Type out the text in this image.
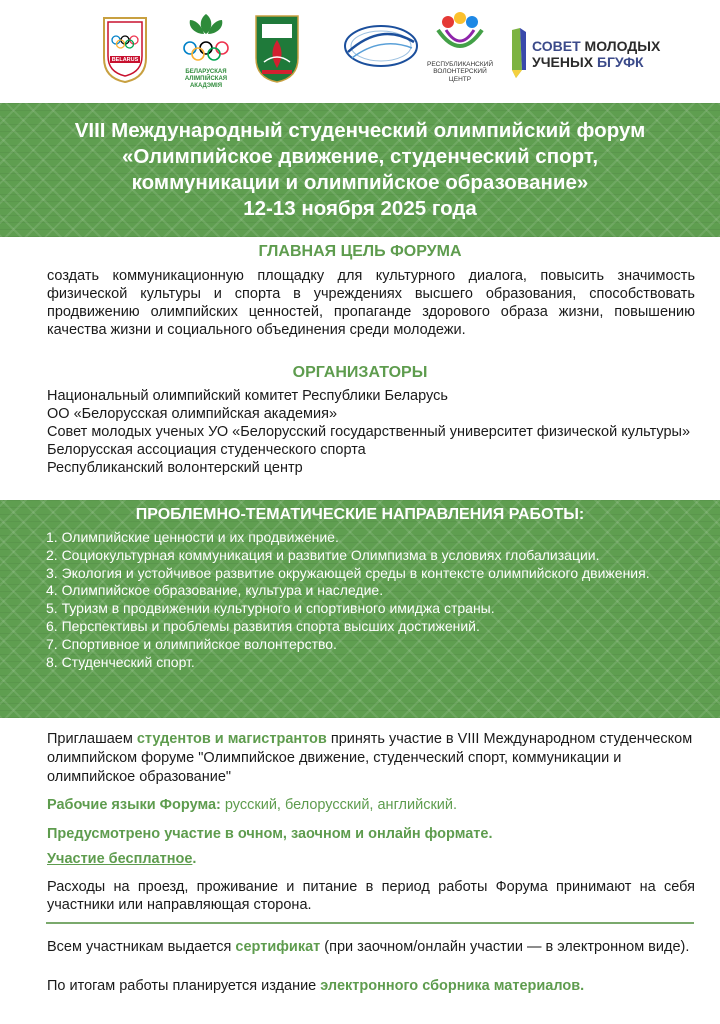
BELARUS
БЕЛАРУСКАЯ АЛІМПІЙСКАЯ АКАДЭМІЯ
РЕСПУБЛИКАНСКИЙ ВОЛОНТЕРСКИЙ ЦЕНТР
СОВЕТ МОЛОДЫХ
УЧЕНЫХ БГУФК
VIII Международный студенческий олимпийский форум
«Олимпийское движение, студенческий спорт,
коммуникации и олимпийское образование»
12-13 ноября 2025 года
ГЛАВНАЯ ЦЕЛЬ ФОРУМА
создать коммуникационную площадку для культурного диалога, повысить значимость физической культуры и спорта в учреждениях высшего образования, способствовать продвижению олимпийских ценностей, пропаганде здорового образа жизни, повышению качества жизни и социального объединения среди молодежи.
ОРГАНИЗАТОРЫ
Национальный олимпийский комитет Республики Беларусь
ОО «Белорусская олимпийская академия»
Совет молодых ученых УО «Белорусский государственный университет физической культуры»
Белорусская ассоциация студенческого спорта
Республиканский волонтерский центр
ПРОБЛЕМНО-ТЕМАТИЧЕСКИЕ НАПРАВЛЕНИЯ РАБОТЫ:
1. Олимпийские ценности и их продвижение.
2. Социокультурная коммуникация и развитие Олимпизма в условиях глобализации.
3. Экология и устойчивое развитие окружающей среды в контексте олимпийского движения.
4. Олимпийское образование, культура и наследие.
5. Туризм в продвижении культурного и спортивного имиджа страны.
6. Перспективы и проблемы развития спорта высших достижений.
7. Спортивное и олимпийское волонтерство.
8. Студенческий спорт.
Приглашаем студентов и магистрантов принять участие в VIII Международном студенческом олимпийском форуме "Олимпийское движение, студенческий спорт, коммуникации и олимпийское образование"
Рабочие языки Форума: русский, белорусский, английский.
Предусмотрено участие в очном, заочном и онлайн формате.
Участие бесплатное.
Расходы на проезд, проживание и питание в период работы Форума принимают на себя участники или направляющая сторона.
Всем участникам выдается сертификат (при заочном/онлайн участии — в электронном виде).
По итогам работы планируется издание электронного сборника материалов.
